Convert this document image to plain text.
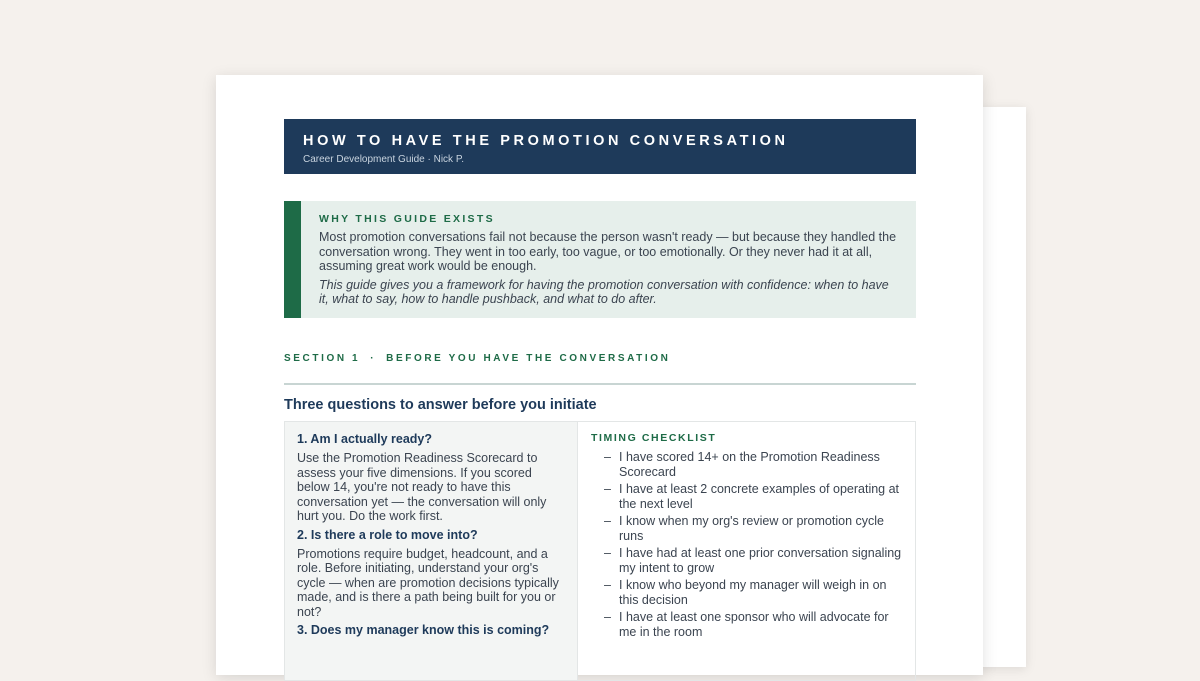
HOW TO HAVE THE PROMOTION CONVERSATION
Career Development Guide · Nick P.
WHY THIS GUIDE EXISTS
Most promotion conversations fail not because the person wasn't ready — but because they handled the conversation wrong. They went in too early, too vague, or too emotionally. Or they never had it at all, assuming great work would be enough.
This guide gives you a framework for having the promotion conversation with confidence: when to have it, what to say, how to handle pushback, and what to do after.
SECTION 1 · BEFORE YOU HAVE THE CONVERSATION
Three questions to answer before you initiate
1. Am I actually ready?
Use the Promotion Readiness Scorecard to assess your five dimensions. If you scored below 14, you're not ready to have this conversation yet — the conversation will only hurt you. Do the work first.
2. Is there a role to move into?
Promotions require budget, headcount, and a role. Before initiating, understand your org's cycle — when are promotion decisions typically made, and is there a path being built for you or not?
3. Does my manager know this is coming?
TIMING CHECKLIST
– I have scored 14+ on the Promotion Readiness Scorecard
– I have at least 2 concrete examples of operating at the next level
– I know when my org's review or promotion cycle runs
– I have had at least one prior conversation signaling my intent to grow
– I know who beyond my manager will weigh in on this decision
– I have at least one sponsor who will advocate for me in the room
